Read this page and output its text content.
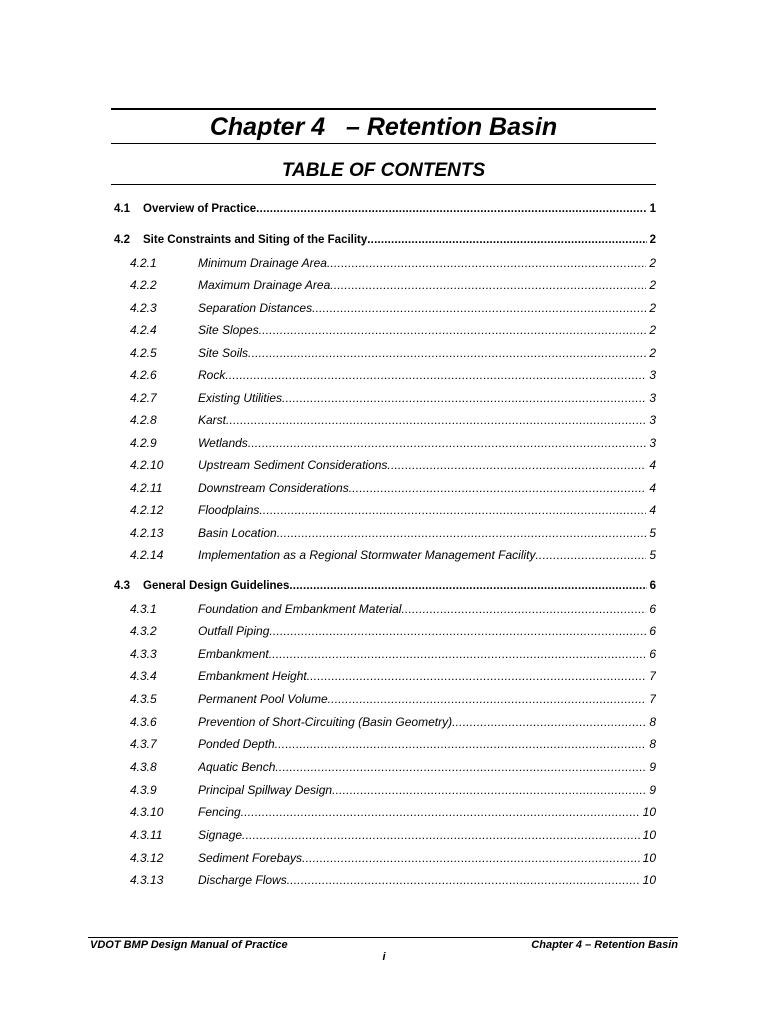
Chapter 4   – Retention Basin
TABLE OF CONTENTS
4.1 Overview of Practice .....	1
4.2 Site Constraints and Siting of the Facility .....	2
4.2.1	Minimum Drainage Area .....	2
4.2.2	Maximum Drainage Area .....	2
4.2.3	Separation Distances .....	2
4.2.4	Site Slopes .....	2
4.2.5	Site Soils .....	2
4.2.6	Rock .....	3
4.2.7	Existing Utilities .....	3
4.2.8	Karst .....	3
4.2.9	Wetlands .....	3
4.2.10	Upstream Sediment Considerations .....	4
4.2.11	Downstream Considerations .....	4
4.2.12	Floodplains .....	4
4.2.13	Basin Location .....	5
4.2.14	Implementation as a Regional Stormwater Management Facility .....	5
4.3 General Design Guidelines .....	6
4.3.1	Foundation and Embankment Material .....	6
4.3.2	Outfall Piping .....	6
4.3.3	Embankment .....	6
4.3.4	Embankment Height .....	7
4.3.5	Permanent Pool Volume .....	7
4.3.6	Prevention of Short-Circuiting (Basin Geometry) .....	8
4.3.7	Ponded Depth .....	8
4.3.8	Aquatic Bench .....	9
4.3.9	Principal Spillway Design .....	9
4.3.10	Fencing .....	10
4.3.11	Signage .....	10
4.3.12	Sediment Forebays .....	10
4.3.13	Discharge Flows .....	10
VDOT BMP Design Manual of Practice	Chapter 4 – Retention Basin
i
